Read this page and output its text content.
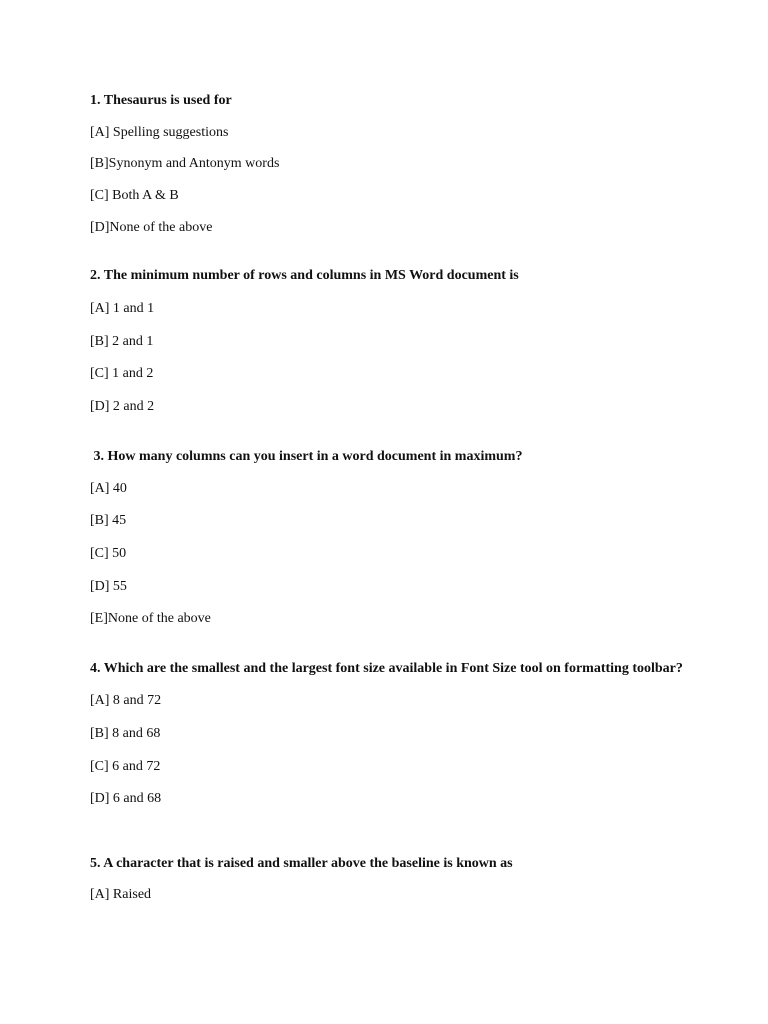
1. Thesaurus is used for
[A] Spelling suggestions
[B]Synonym and Antonym words
[C] Both A & B
[D]None of the above
2. The minimum number of rows and columns in MS Word document is
[A] 1 and 1
[B] 2 and 1
[C] 1 and 2
[D] 2 and 2
3. How many columns can you insert in a word document in maximum?
[A] 40
[B] 45
[C] 50
[D] 55
[E]None of the above
4. Which are the smallest and the largest font size available in Font Size tool on formatting toolbar?
[A] 8 and 72
[B] 8 and 68
[C] 6 and 72
[D] 6 and 68
5. A character that is raised and smaller above the baseline is known as
[A] Raised
